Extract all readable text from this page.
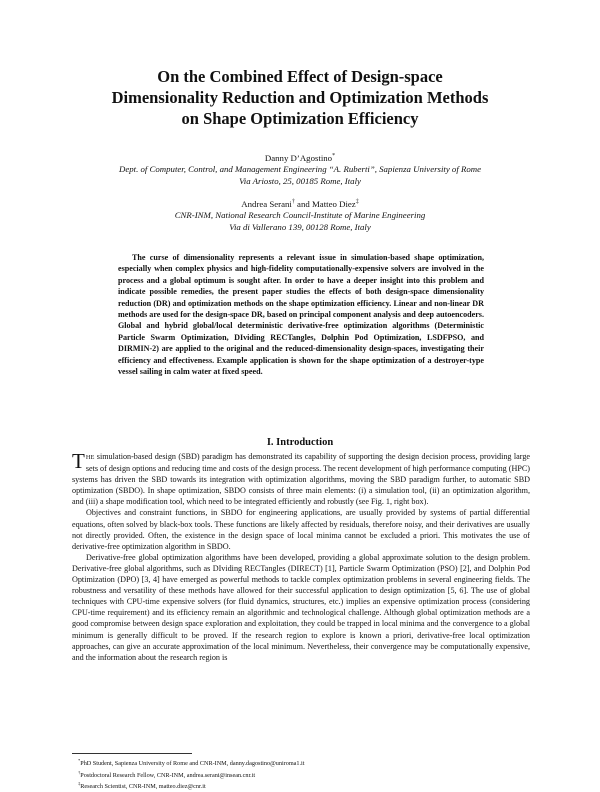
On the Combined Effect of Design-space
Dimensionality Reduction and Optimization Methods
on Shape Optimization Efficiency
Danny D’Agostino*
Dept. of Computer, Control, and Management Engineering “A. Ruberti”, Sapienza University of Rome
Via Ariosto, 25, 00185 Rome, Italy
Andrea Serani† and Matteo Diez‡
CNR-INM, National Research Council-Institute of Marine Engineering
Via di Vallerano 139, 00128 Rome, Italy
The curse of dimensionality represents a relevant issue in simulation-based shape optimization, especially when complex physics and high-fidelity computationally-expensive solvers are involved in the process and a global optimum is sought after. In order to have a deeper insight into this problem and indicate possible remedies, the present paper studies the effects of both design-space dimensionality reduction (DR) and optimization methods on the shape optimization efficiency. Linear and non-linear DR methods are used for the design-space DR, based on principal component analysis and deep autoencoders. Global and hybrid global/local deterministic derivative-free optimization algorithms (Deterministic Particle Swarm Optimization, DIviding RECTangles, Dolphin Pod Optimization, LSDFPSO, and DIRMIN-2) are applied to the original and the reduced-dimensionality design-spaces, investigating their efficiency and effectiveness. Example application is shown for the shape optimization of a destroyer-type vessel sailing in calm water at fixed speed.
I. Introduction

THE simulation-based design (SBD) paradigm has demonstrated its capability of supporting the design decision process, providing large sets of design options and reducing time and costs of the design process. The recent development of high performance computing (HPC) systems has driven the SBD towards its integration with optimization algorithms, moving the SBD paradigm further, to automatic SBD optimization (SBDO). In shape optimization, SBDO consists of three main elements: (i) a simulation tool, (ii) an optimization algorithm, and (iii) a shape modification tool, which need to be integrated efficiently and robustly (see Fig. 1, right box).

Objectives and constraint functions, in SBDO for engineering applications, are usually provided by systems of partial differential equations, often solved by black-box tools. These functions are likely affected by residuals, therefore noisy, and their derivatives are usually not directly provided. Often, the existence in the design space of local minima cannot be excluded a priori. This motivates the use of derivative-free optimization algorithm in SBDO.

Derivative-free global optimization algorithms have been developed, providing a global approximate solution to the design problem. Derivative-free global algorithms, such as DIviding RECTangles (DIRECT) [1], Particle Swarm Optimization (PSO) [2], and Dolphin Pod Optimization (DPO) [3, 4] have emerged as powerful methods to tackle complex optimization problems in several engineering fields. The robustness and versatility of these methods have allowed for their successful application to design optimization [5, 6]. The use of global techniques with CPU-time expensive solvers (for fluid dynamics, structures, etc.) implies an expensive optimization process (considering CPU-time requirement) and its efficiency remain an algorithmic and technological challenge. Although global optimization methods are a good compromise between design space exploration and exploitation, they could be trapped in local minima and the convergence to a global minimum is generally difficult to be proved. If the research region to explore is known a priori, derivative-free local optimization approaches, can give an accurate approximation of the local minimum. Nevertheless, their convergence may be computationally expensive, and the information about the research region is

*PhD Student, Sapienza University of Rome and CNR-INM, danny.dagostino@uniroma1.it
†Postdoctoral Research Fellow, CNR-INM, andrea.serani@insean.cnr.it
‡Research Scientist, CNR-INM, matteo.diez@cnr.it
